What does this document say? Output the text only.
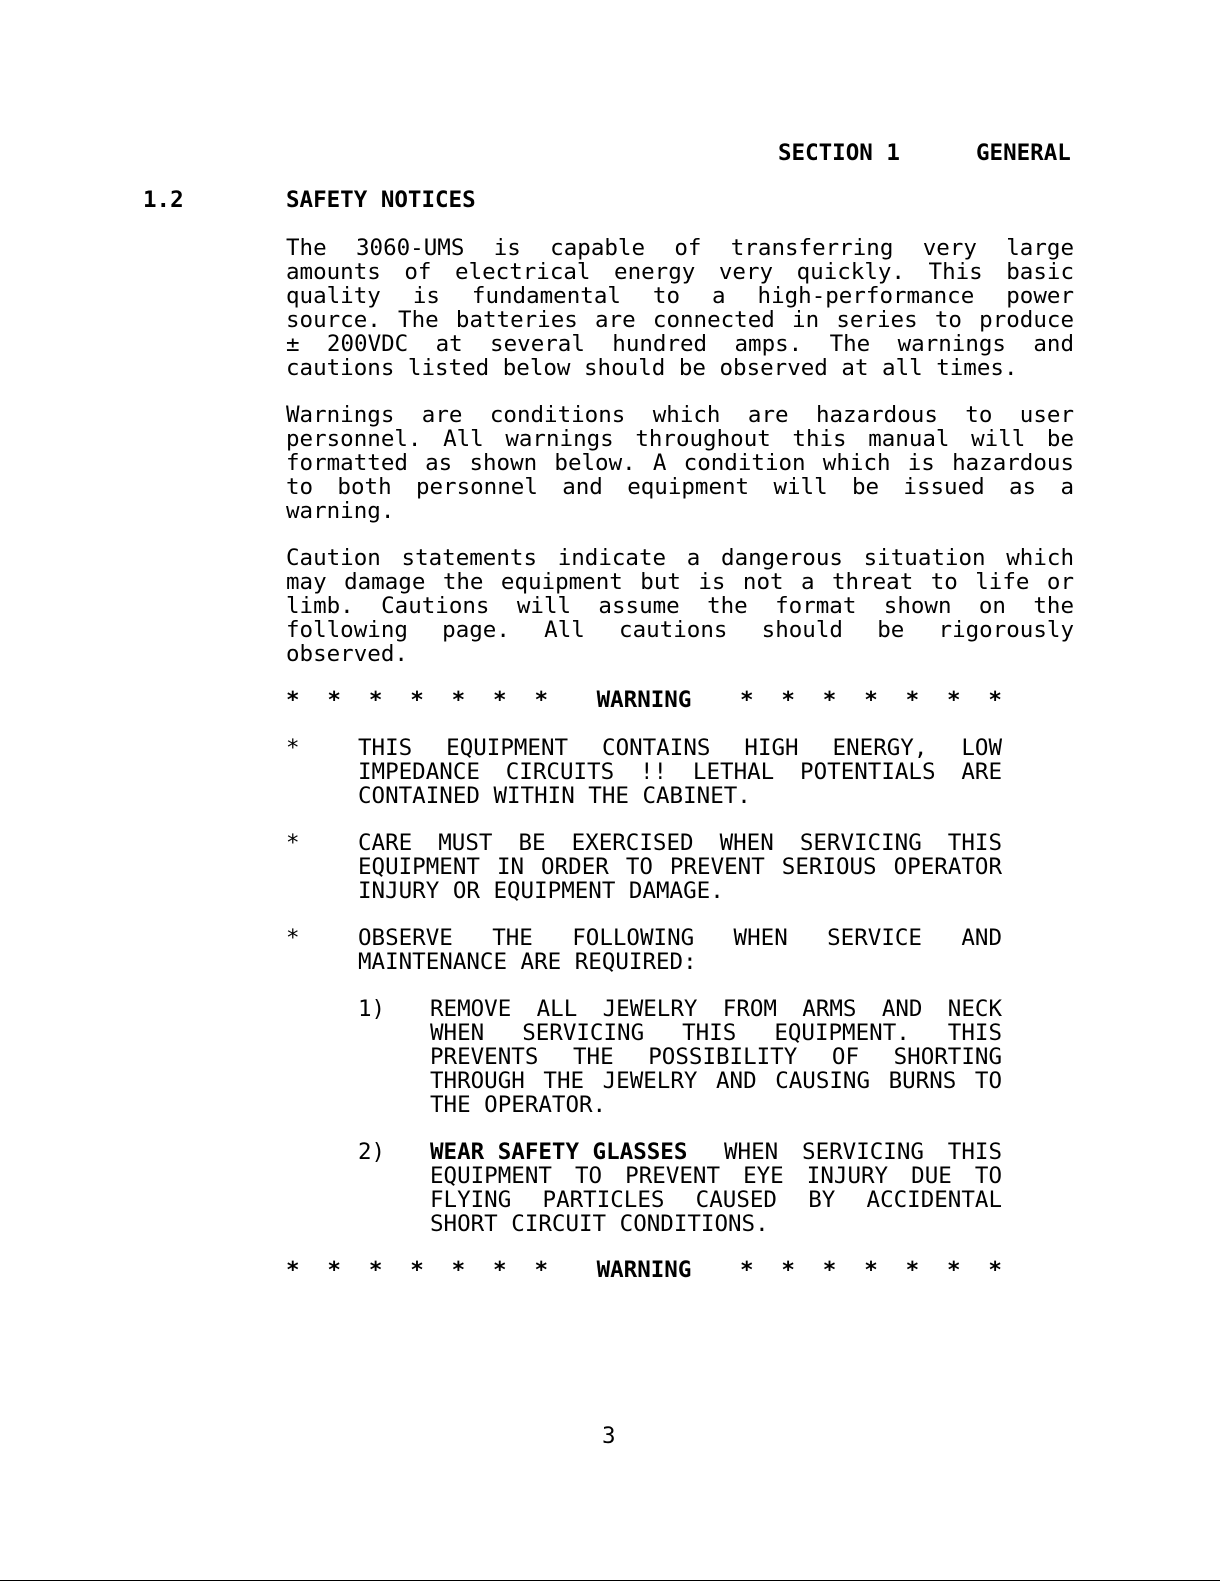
SECTION 1	GENERAL
1.2	SAFETY NOTICES
The 3060-UMS is capable of transferring very large
amounts of electrical energy very quickly. This basic
quality is fundamental to a high-performance power
source. The batteries are connected in series to produce
± 200VDC at several hundred amps. The warnings and
cautions listed below should be observed at all times.
Warnings are conditions which are hazardous to user
personnel. All warnings throughout this manual will be
formatted as shown below. A condition which is hazardous
to both personnel and equipment will be issued as a
warning.
Caution statements indicate a dangerous situation which
may damage the equipment but is not a threat to life or
limb. Cautions will assume the format shown on the
following page. All cautions should be rigorously
observed.
* * * * * * * WARNING * * * * * * *
*	THIS EQUIPMENT CONTAINS HIGH ENERGY, LOW
IMPEDANCE CIRCUITS !! LETHAL POTENTIALS ARE
CONTAINED WITHIN THE CABINET.
*	CARE MUST BE EXERCISED WHEN SERVICING THIS
EQUIPMENT IN ORDER TO PREVENT SERIOUS OPERATOR
INJURY OR EQUIPMENT DAMAGE.
*	OBSERVE THE FOLLOWING WHEN SERVICE AND
MAINTENANCE ARE REQUIRED:
1) REMOVE ALL JEWELRY FROM ARMS AND NECK
WHEN SERVICING THIS EQUIPMENT. THIS
PREVENTS THE POSSIBILITY OF SHORTING
THROUGH THE JEWELRY AND CAUSING BURNS TO
THE OPERATOR.
2) WEAR SAFETY GLASSES WHEN SERVICING THIS
EQUIPMENT TO PREVENT EYE INJURY DUE TO
FLYING PARTICLES CAUSED BY ACCIDENTAL
SHORT CIRCUIT CONDITIONS.
* * * * * * * WARNING * * * * * * *
3
